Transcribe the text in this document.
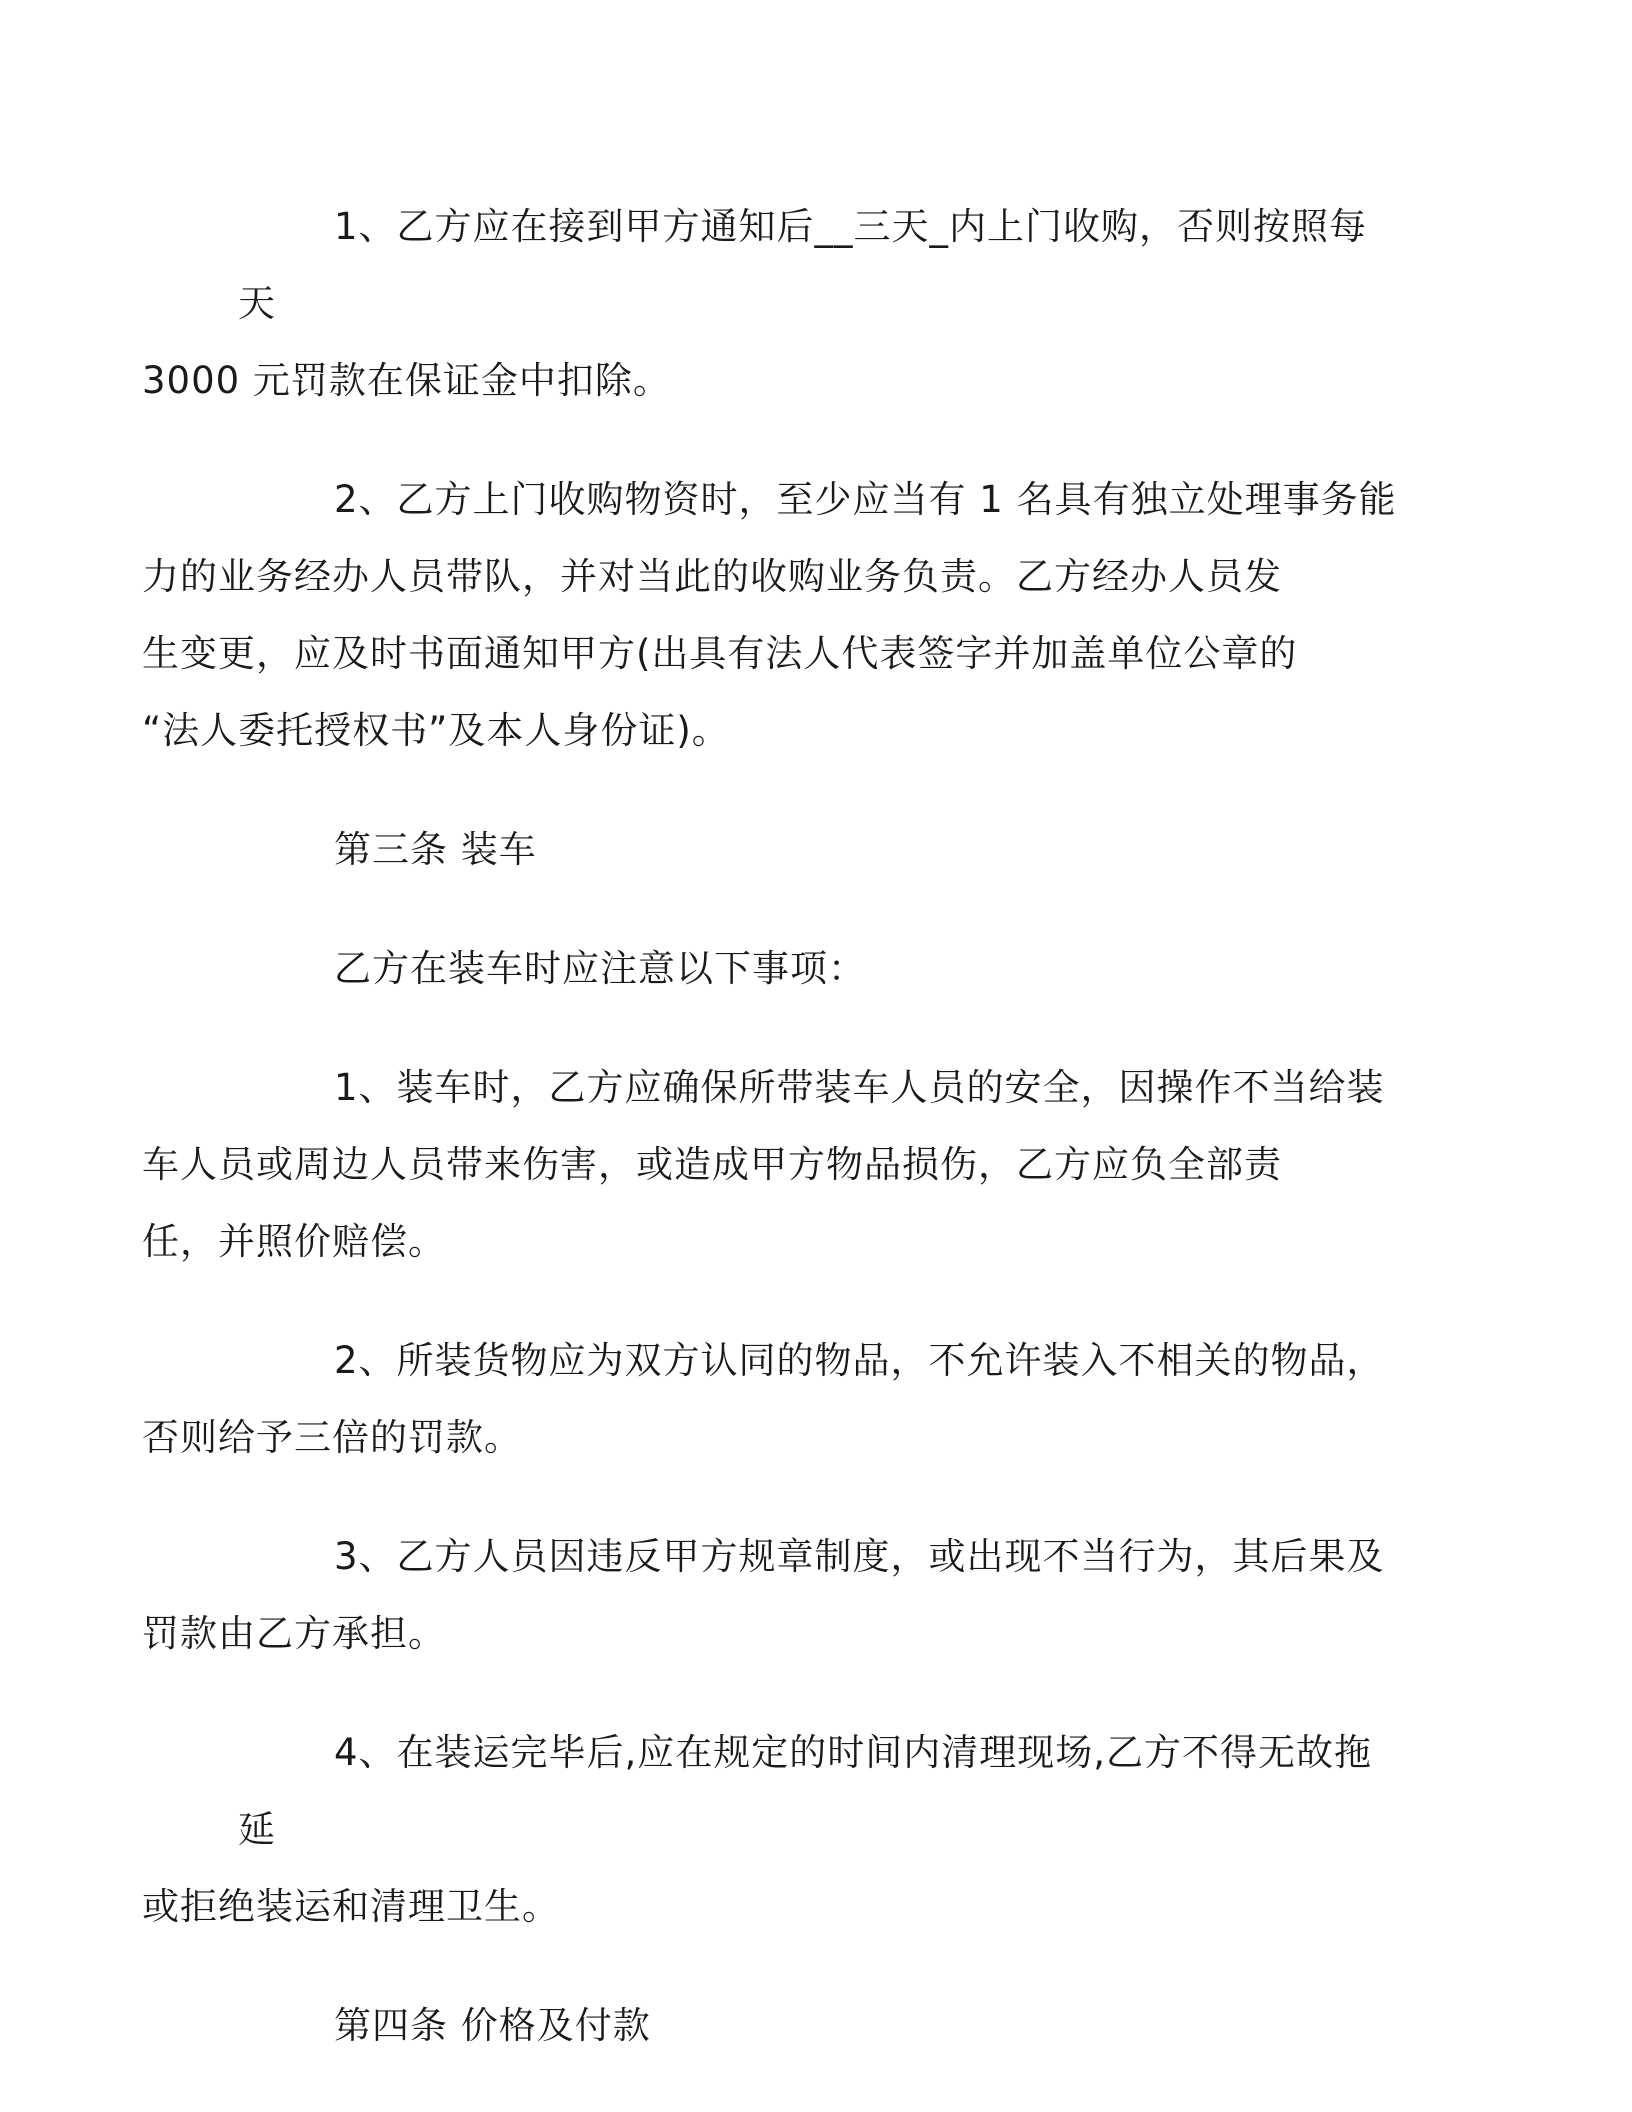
1、乙方应在接到甲方通知后__三天_内上门收购，否则按照每天
3000 元罚款在保证金中扣除。

2、乙方上门收购物资时，至少应当有 1 名具有独立处理事务能
力的业务经办人员带队，并对当此的收购业务负责。乙方经办人员发
生变更，应及时书面通知甲方(出具有法人代表签字并加盖单位公章的
“法人委托授权书”及本人身份证)。

第三条 装车

乙方在装车时应注意以下事项：

1、装车时，乙方应确保所带装车人员的安全，因操作不当给装
车人员或周边人员带来伤害，或造成甲方物品损伤，乙方应负全部责
任，并照价赔偿。

2、所装货物应为双方认同的物品，不允许装入不相关的物品，
否则给予三倍的罚款。

3、乙方人员因违反甲方规章制度，或出现不当行为，其后果及
罚款由乙方承担。

4、在装运完毕后,应在规定的时间内清理现场,乙方不得无故拖延
或拒绝装运和清理卫生。

第四条 价格及付款
